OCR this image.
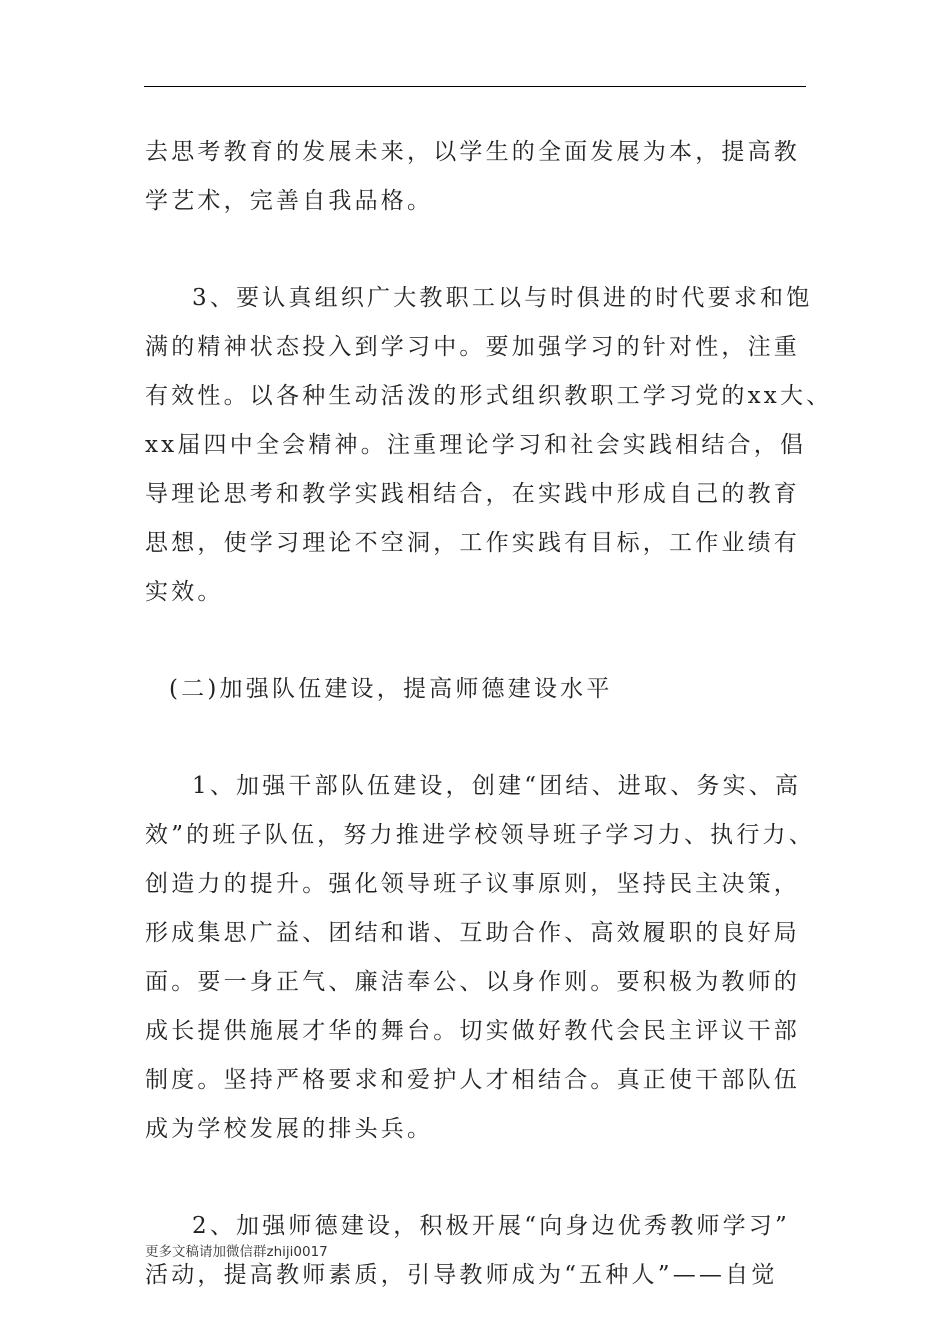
去思考教育的发展未来，以学生的全面发展为本，提高教
学艺术，完善自我品格。
3、要认真组织广大教职工以与时俱进的时代要求和饱
满的精神状态投入到学习中。要加强学习的针对性，注重
有效性。以各种生动活泼的形式组织教职工学习党的xx大、
xx届四中全会精神。注重理论学习和社会实践相结合，倡
导理论思考和教学实践相结合，在实践中形成自己的教育
思想，使学习理论不空洞，工作实践有目标，工作业绩有
实效。
(二)加强队伍建设，提高师德建设水平
1、加强干部队伍建设，创建“团结、进取、务实、高
效”的班子队伍，努力推进学校领导班子学习力、执行力、
创造力的提升。强化领导班子议事原则，坚持民主决策，
形成集思广益、团结和谐、互助合作、高效履职的良好局
面。要一身正气、廉洁奉公、以身作则。要积极为教师的
成长提供施展才华的舞台。切实做好教代会民主评议干部
制度。坚持严格要求和爱护人才相结合。真正使干部队伍
成为学校发展的排头兵。
2、加强师德建设，积极开展“向身边优秀教师学习”
活动，提高教师素质，引导教师成为“五种人”——自觉
更多文稿请加微信群zhiji0017
